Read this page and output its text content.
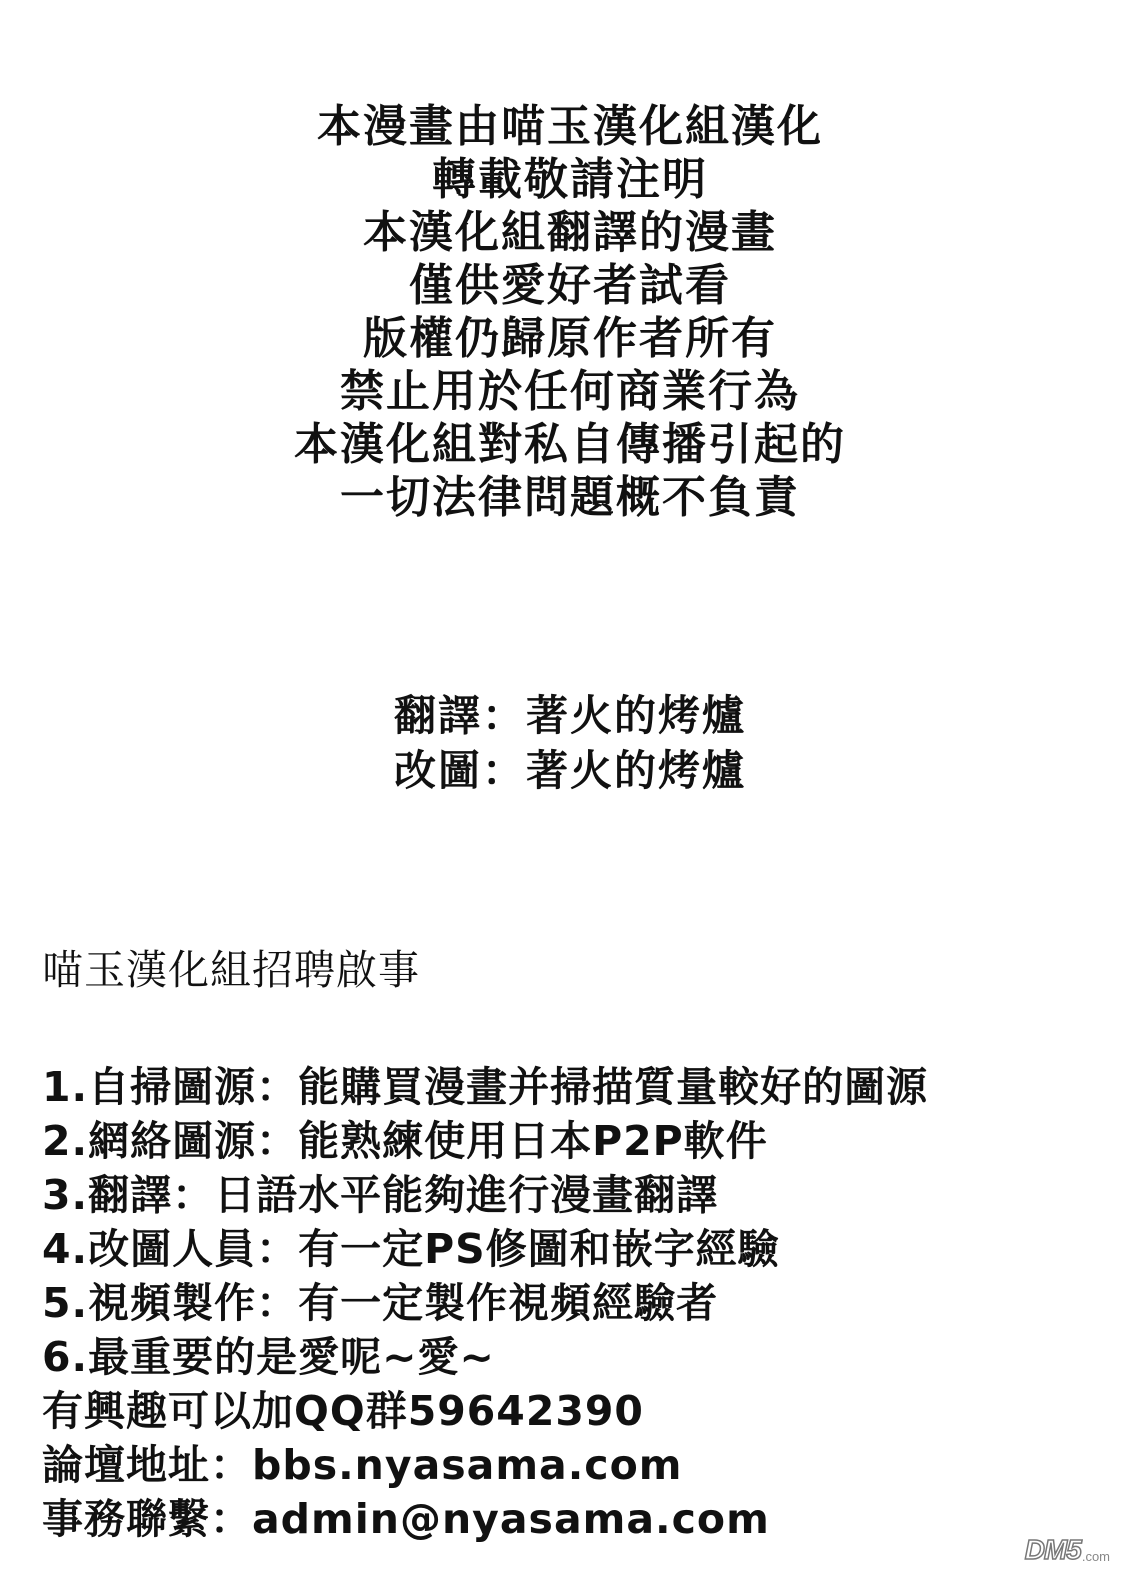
本漫畫由喵玉漢化組漢化
轉載敬請注明
本漢化組翻譯的漫畫
僅供愛好者試看
版權仍歸原作者所有
禁止用於任何商業行為
本漢化組對私自傳播引起的
一切法律問題概不負責
翻譯：著火的烤爐
改圖：著火的烤爐
喵玉漢化組招聘啟事
1.自掃圖源：能購買漫畫并掃描質量較好的圖源
2.網絡圖源：能熟練使用日本P2P軟件
3.翻譯：日語水平能夠進行漫畫翻譯
4.改圖人員：有一定PS修圖和嵌字經驗
5.視頻製作：有一定製作視頻經驗者
6.最重要的是愛呢~愛~
有興趣可以加QQ群59642390
論壇地址：bbs.nyasama.com
事務聯繫：admin@nyasama.com
DM5 .com
